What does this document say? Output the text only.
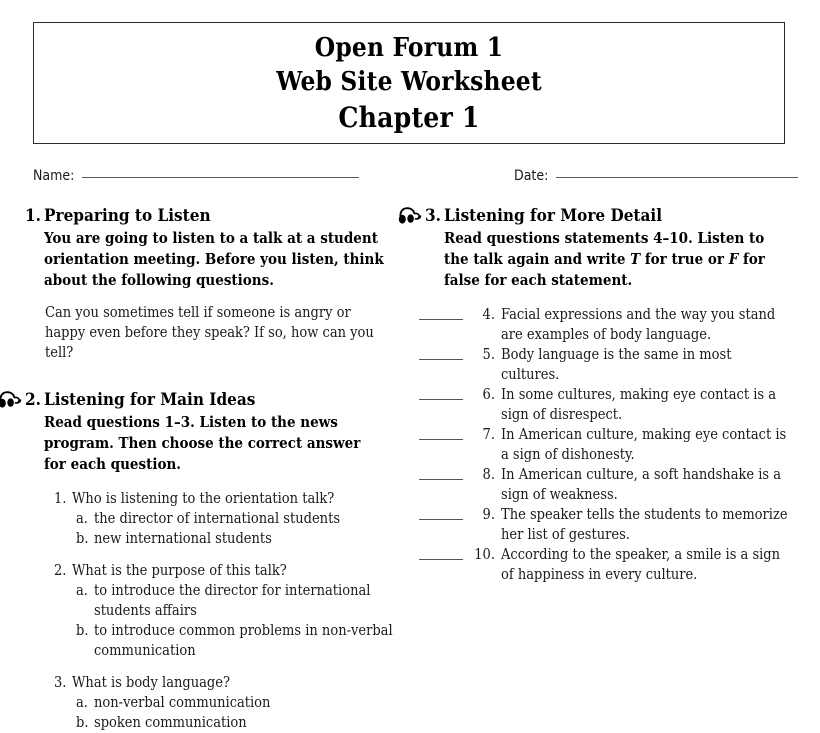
Open Forum 1
Web Site Worksheet
Chapter 1
Name:	Date:
1. Preparing to Listen
You are going to listen to a talk at a student orientation meeting. Before you listen, think about the following questions.
Can you sometimes tell if someone is angry or happy even before they speak? If so, how can you tell?
2. Listening for Main Ideas
Read questions 1–3. Listen to the news program. Then choose the correct answer for each question.
1. Who is listening to the orientation talk?
a. the director of international students
b. new international students
2. What is the purpose of this talk?
a. to introduce the director for international students affairs
b. to introduce common problems in non-verbal communication
3. What is body language?
a. non-verbal communication
b. spoken communication
3. Listening for More Detail
Read questions statements 4–10. Listen to the talk again and write T for true or F for false for each statement.
4. Facial expressions and the way you stand are examples of body language.
5. Body language is the same in most cultures.
6. In some cultures, making eye contact is a sign of disrespect.
7. In American culture, making eye contact is a sign of dishonesty.
8. In American culture, a soft handshake is a sign of weakness.
9. The speaker tells the students to memorize her list of gestures.
10. According to the speaker, a smile is a sign of happiness in every culture.
